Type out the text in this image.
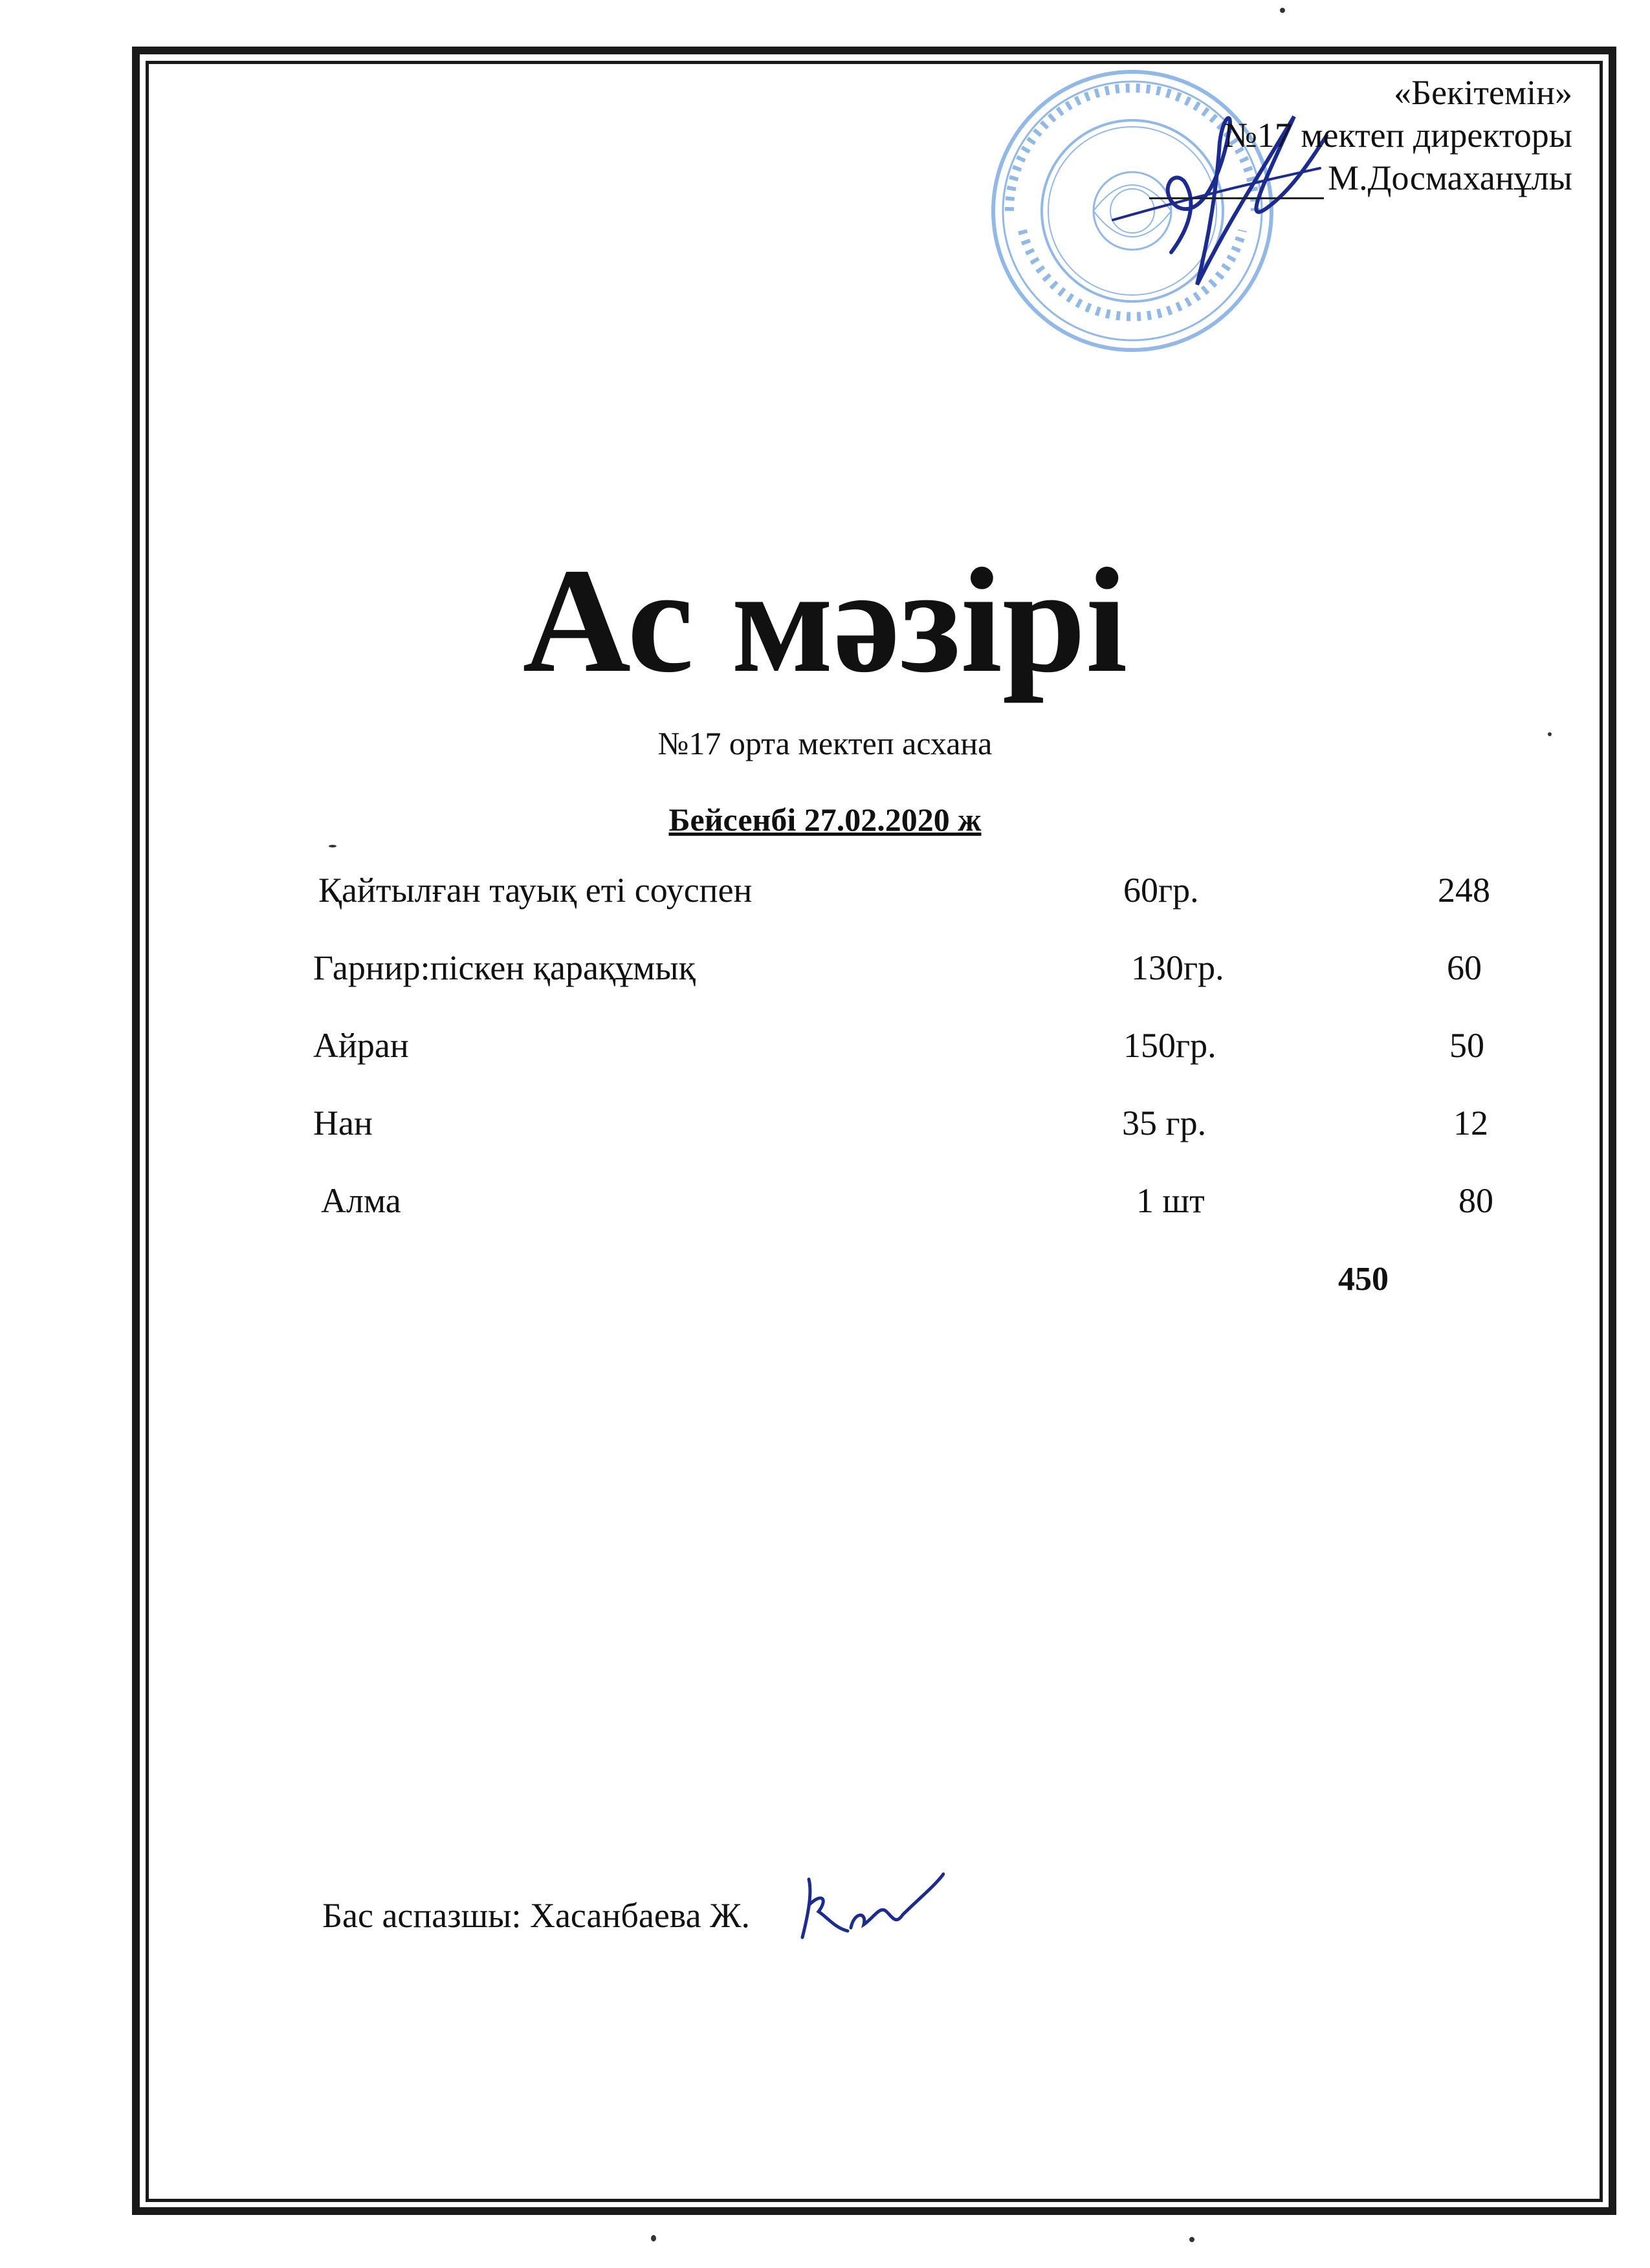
«Бекітемін»
№17 мектеп директоры
М.Досмаханұлы
Ас мәзірі
№17 орта мектеп асхана
Бейсенбі 27.02.2020 ж
Қайтылған тауық еті соуспен	60гр.	248
Гарнир:піскен қарақұмық	130гр.	60
Айран	150гр.	50
Нан	35 гр.	12
Алма	1 шт	80
450
Бас аспазшы: Хасанбаева Ж.
